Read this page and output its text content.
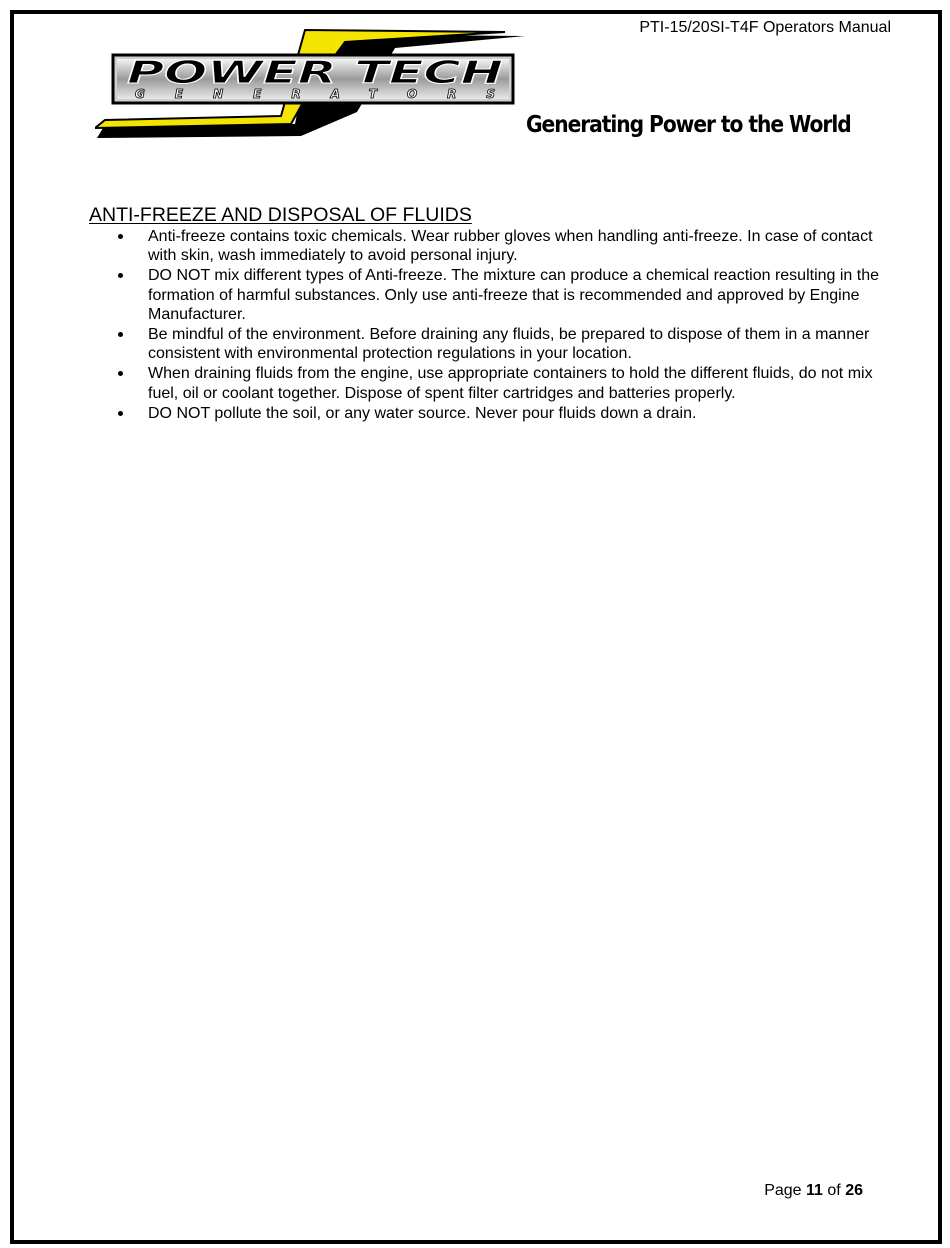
PTI-15/20SI-T4F Operators Manual
POWER TECH
GENERATORS
Generating Power to the World
ANTI-FREEZE AND DISPOSAL OF FLUIDS
Anti-freeze contains toxic chemicals. Wear rubber gloves when handling anti-freeze. In case of contact with skin, wash immediately to avoid personal injury.
DO NOT mix different types of Anti-freeze. The mixture can produce a chemical reaction resulting in the formation of harmful substances. Only use anti-freeze that is recommended and approved by Engine Manufacturer.
Be mindful of the environment. Before draining any fluids, be prepared to dispose of them in a manner consistent with environmental protection regulations in your location.
When draining fluids from the engine, use appropriate containers to hold the different fluids, do not mix fuel, oil or coolant together. Dispose of spent filter cartridges and batteries properly.
DO NOT pollute the soil, or any water source. Never pour fluids down a drain.
Page 11 of 26
